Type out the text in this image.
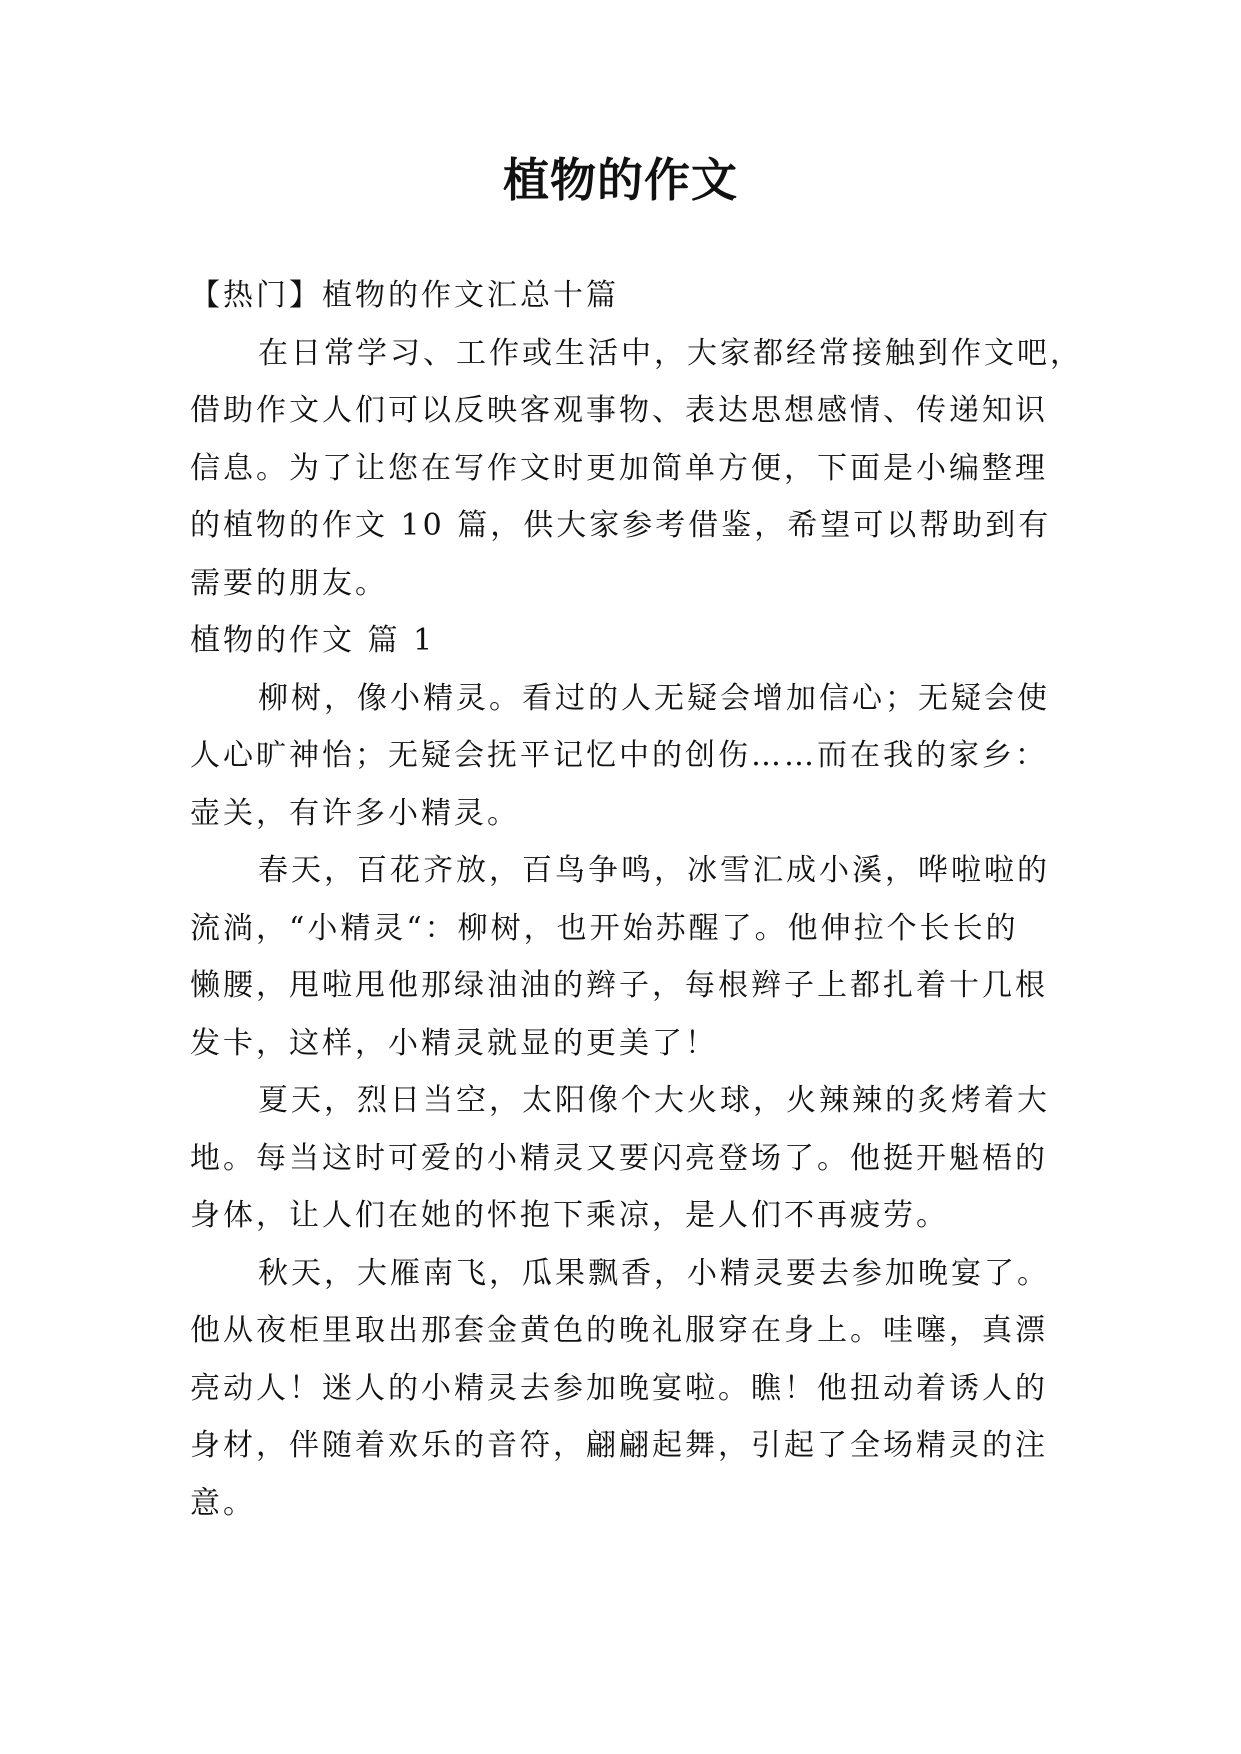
植物的作文
【热门】植物的作文汇总十篇
在日常学习、工作或生活中，大家都经常接触到作文吧，
借助作文人们可以反映客观事物、表达思想感情、传递知识
信息。为了让您在写作文时更加简单方便，下面是小编整理
的植物的作文 10 篇，供大家参考借鉴，希望可以帮助到有
需要的朋友。
植物的作文 篇 1
柳树，像小精灵。看过的人无疑会增加信心；无疑会使
人心旷神怡；无疑会抚平记忆中的创伤……而在我的家乡：
壶关，有许多小精灵。
春天，百花齐放，百鸟争鸣，冰雪汇成小溪，哗啦啦的
流淌，“小精灵“：柳树，也开始苏醒了。他伸拉个长长的
懒腰，甩啦甩他那绿油油的辫子，每根辫子上都扎着十几根
发卡，这样，小精灵就显的更美了！
夏天，烈日当空，太阳像个大火球，火辣辣的炙烤着大
地。每当这时可爱的小精灵又要闪亮登场了。他挺开魁梧的
身体，让人们在她的怀抱下乘凉，是人们不再疲劳。
秋天，大雁南飞，瓜果飘香，小精灵要去参加晚宴了。
他从夜柜里取出那套金黄色的晚礼服穿在身上。哇噻，真漂
亮动人！迷人的小精灵去参加晚宴啦。瞧！他扭动着诱人的
身材，伴随着欢乐的音符，翩翩起舞，引起了全场精灵的注
意。
